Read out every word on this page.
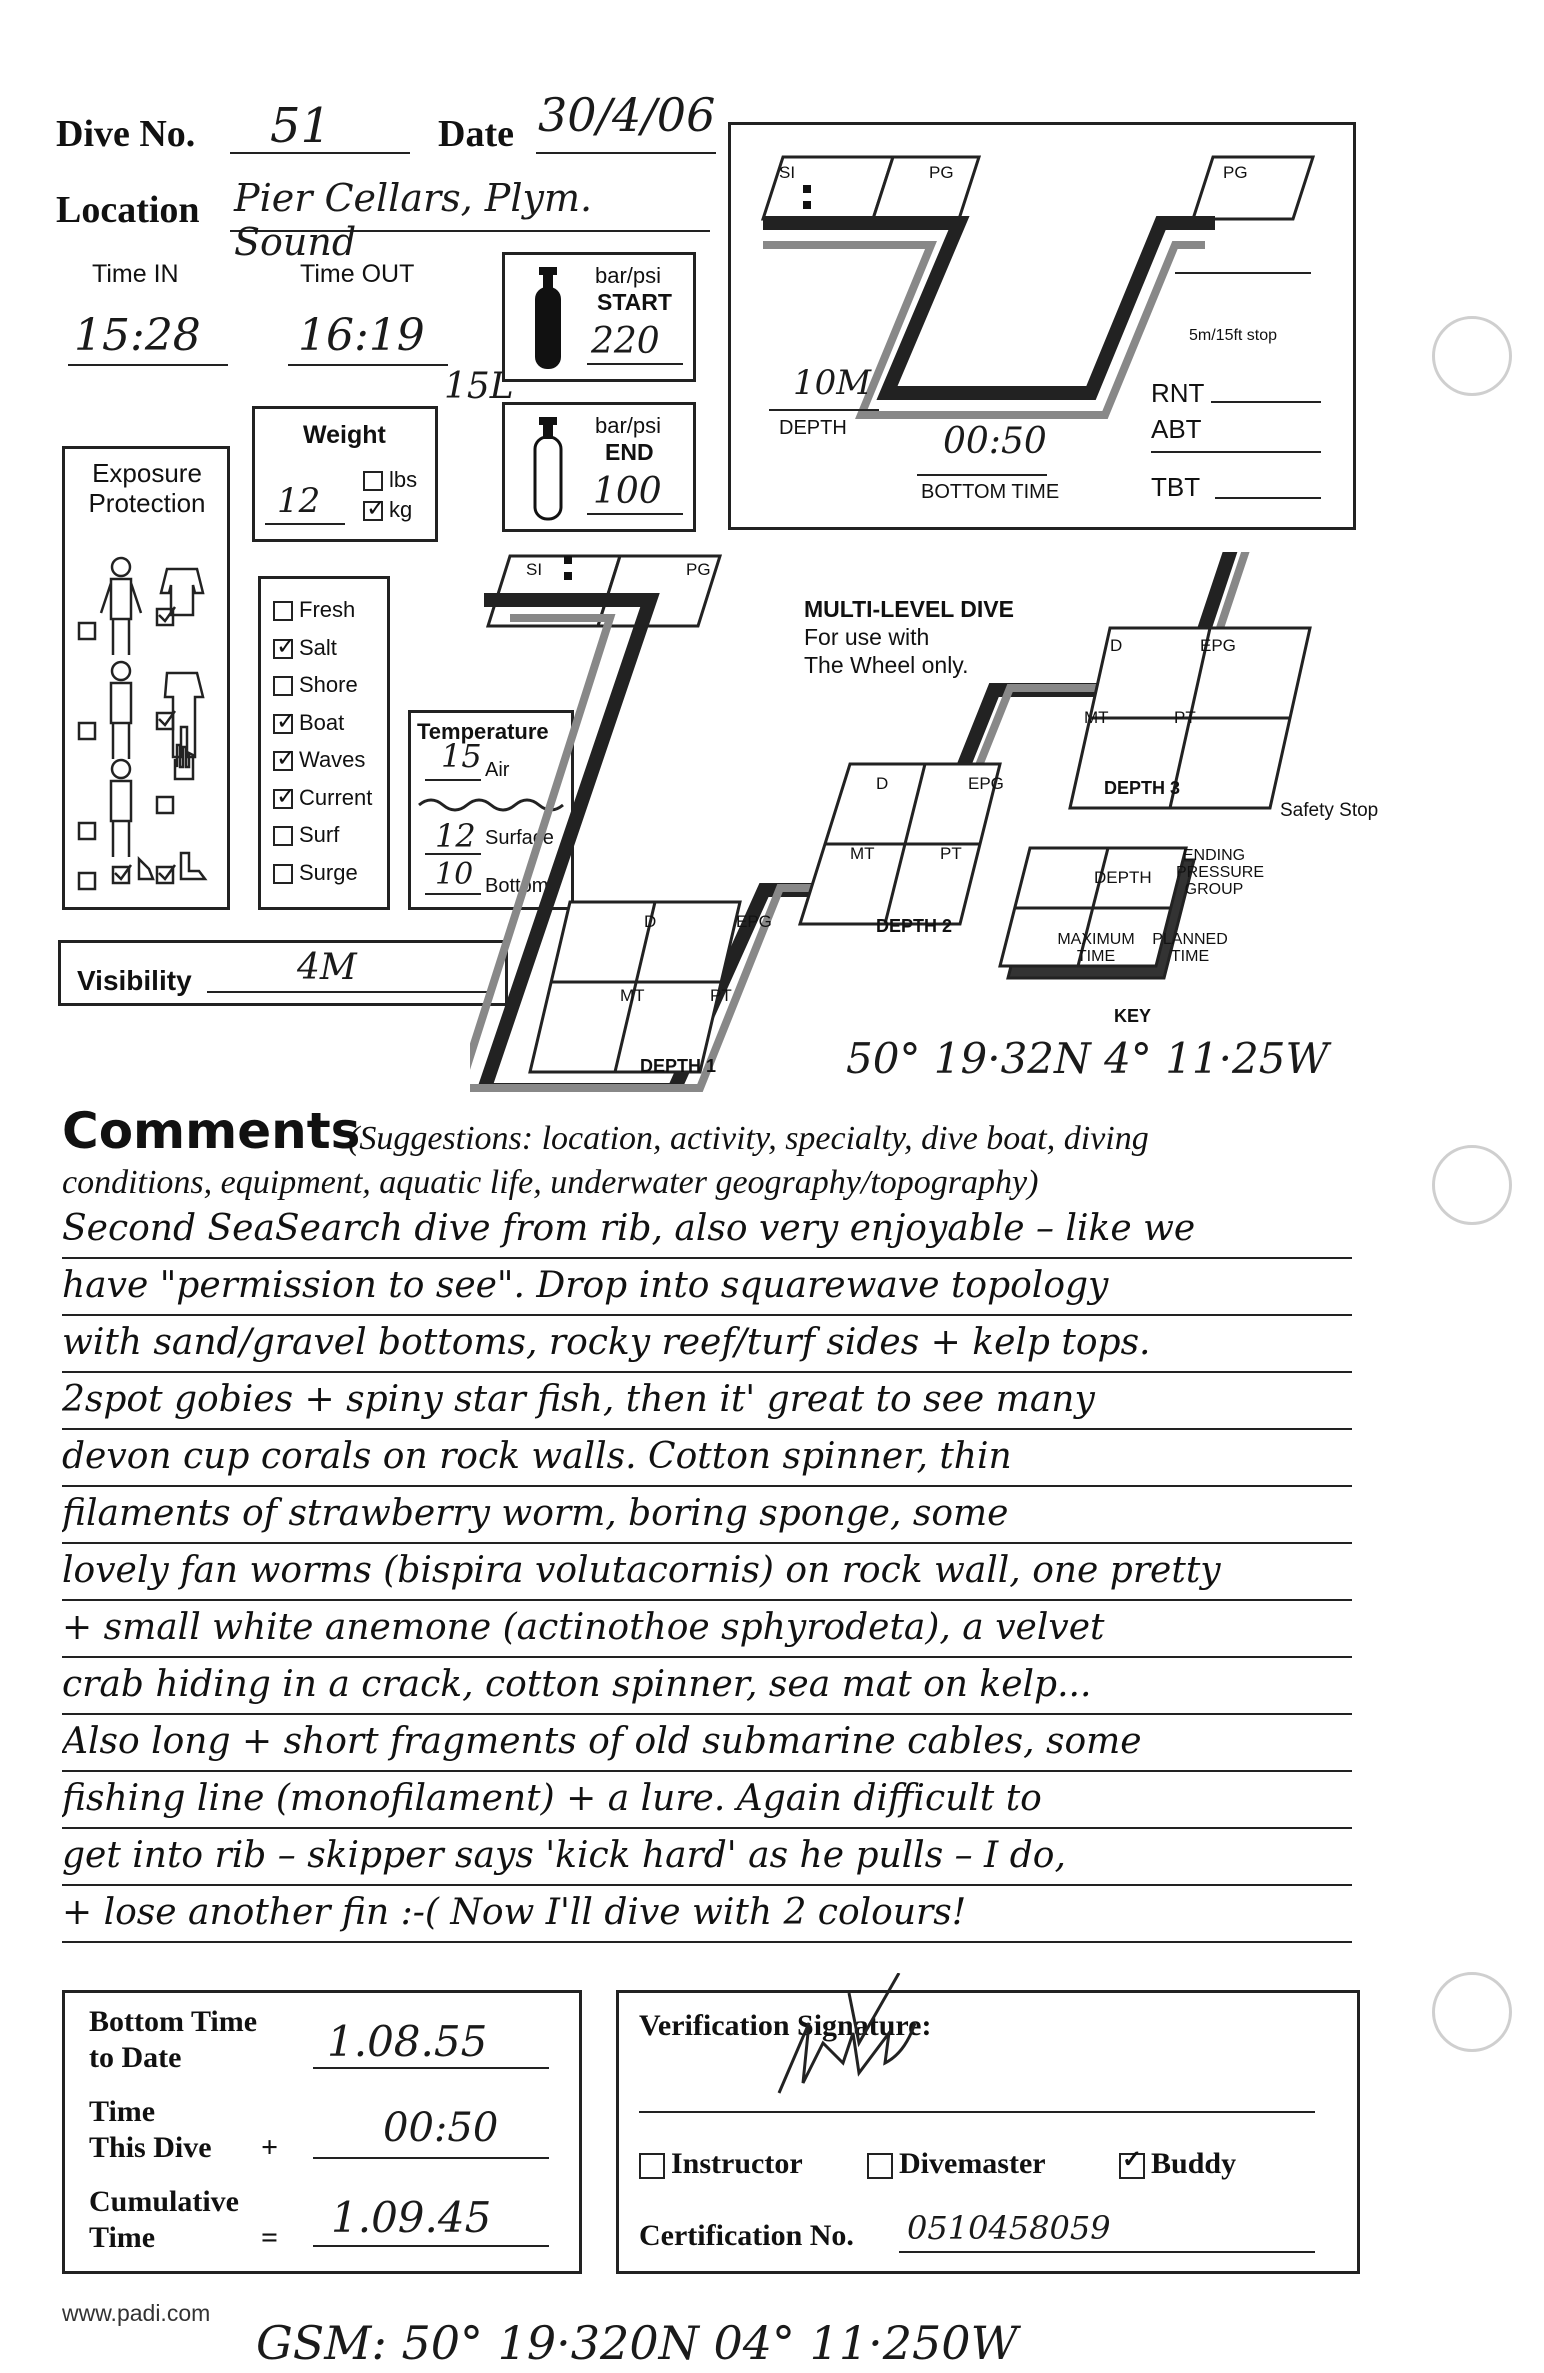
Dive No. 51	Date 30/4/06
Location Pier Cellars, Plym. Sound
Time IN
15:28
Time OUT
16:19
15L
bar/psi
START
220
bar/psi
END
100
Weight
12
lbs
✓kg
Exposure Protection
Fresh
✓Salt
Shore
✓Boat
✓Waves
✓Current
Surf
Surge
Temperature
15 Air
12 Surface
10 Bottom
Visibility	4M
SI	PG	PG
5m/15ft stop
10M
DEPTH	00:50
BOTTOM TIME
RNT
ABT
TBT
MULTI-LEVEL DIVE
For use with
The Wheel only.
SI	PG
D	EPG
MT	PT
DEPTH 1
D	EPG
MT	PT
DEPTH 2
D	EPG
MT	PT
DEPTH 3
Safety Stop
DEPTH
ENDING PRESSURE GROUP
MAXIMUM TIME
PLANNED TIME
KEY
50° 19·32N 4° 11·25W
Comments
(Suggestions: location, activity, specialty, dive boat, diving
conditions, equipment, aquatic life, underwater geography/topography)
Second SeaSearch dive from rib, also very enjoyable – like we
have "permission to see". Drop into squarewave topology
with sand/gravel bottoms, rocky reef/turf sides + kelp tops.
2spot gobies + spiny star fish, then it' great to see many
devon cup corals on rock walls. Cotton spinner, thin
filaments of strawberry worm, boring sponge, some
lovely fan worms (bispira volutacornis) on rock wall, one pretty
+ small white anemone (actinothoe sphyrodeta), a velvet
crab hiding in a crack, cotton spinner, sea mat on kelp...
Also long + short fragments of old submarine cables, some
fishing line (monofilament) + a lure. Again difficult to
get into rib – skipper says 'kick hard' as he pulls – I do,
+ lose another fin :-( Now I'll dive with 2 colours!
Bottom Time
to Date	1.08.55
Time
This Dive +	00:50
Cumulative
Time	= 1.09.45
Verification Signature:
Instructor	Divemaster
✓	Buddy
Certification No. 0510458059
www.padi.com
GSM: 50° 19·320N 04° 11·250W
